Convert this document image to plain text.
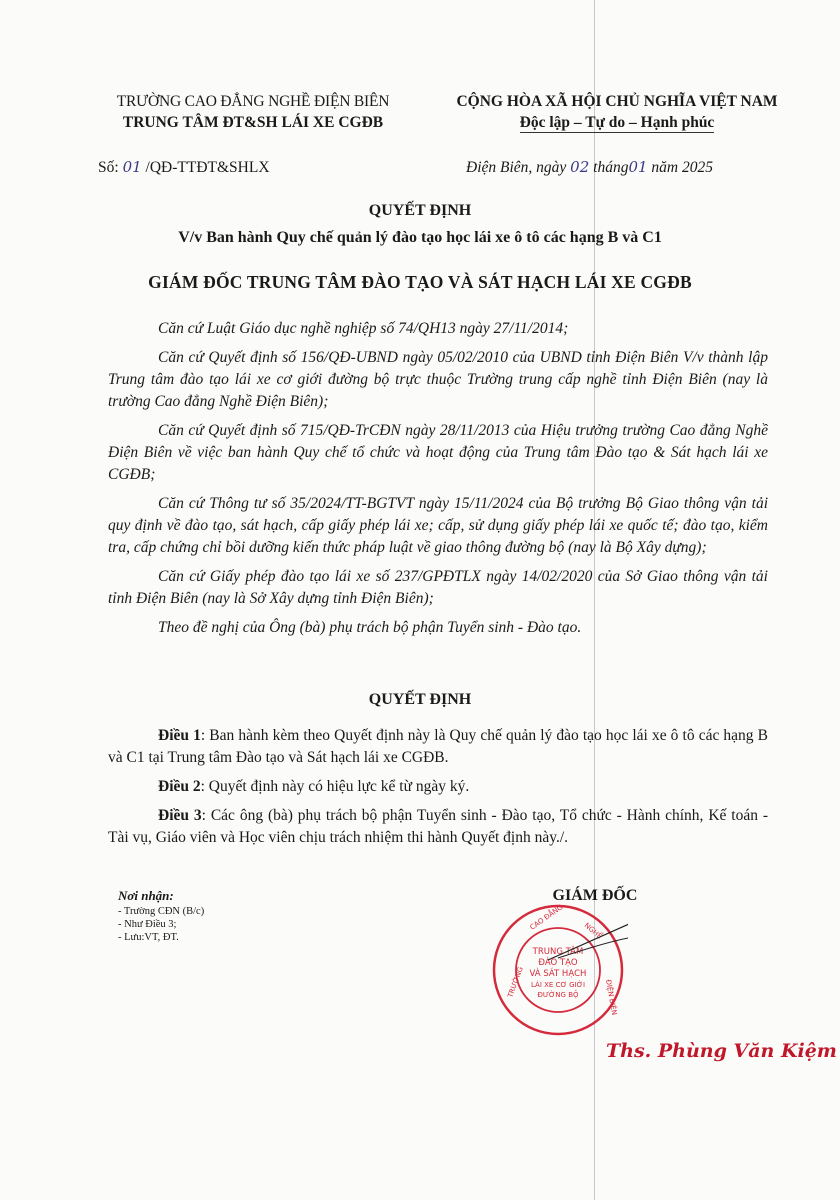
TRƯỜNG CAO ĐẲNG NGHỀ ĐIỆN BIÊN
TRUNG TÂM ĐT&SH LÁI XE CGĐB
CỘNG HÒA XÃ HỘI CHỦ NGHĨA VIỆT NAM
Độc lập – Tự do – Hạnh phúc
Số: 01 /QĐ-TTĐT&SHLX	Điện Biên, ngày 02 tháng01 năm 2025
QUYẾT ĐỊNH
V/v Ban hành Quy chế quản lý đào tạo học lái xe ô tô các hạng B và C1
GIÁM ĐỐC TRUNG TÂM ĐÀO TẠO VÀ SÁT HẠCH LÁI XE CGĐB

Căn cứ Luật Giáo dục nghề nghiệp số 74/QH13 ngày 27/11/2014;

Căn cứ Quyết định số 156/QĐ-UBND ngày 05/02/2010 của UBND tỉnh Điện Biên V/v thành lập Trung tâm đào tạo lái xe cơ giới đường bộ trực thuộc Trường trung cấp nghề tỉnh Điện Biên (nay là trường Cao đẳng Nghề Điện Biên);

Căn cứ Quyết định số 715/QĐ-TrCĐN ngày 28/11/2013 của Hiệu trưởng trường Cao đẳng Nghề Điện Biên về việc ban hành Quy chế tổ chức và hoạt động của Trung tâm Đào tạo & Sát hạch lái xe CGĐB;

Căn cứ Thông tư số 35/2024/TT-BGTVT ngày 15/11/2024 của Bộ trưởng Bộ Giao thông vận tải quy định về đào tạo, sát hạch, cấp giấy phép lái xe; cấp, sử dụng giấy phép lái xe quốc tế; đào tạo, kiểm tra, cấp chứng chỉ bồi dưỡng kiến thức pháp luật về giao thông đường bộ (nay là Bộ Xây dựng);

Căn cứ Giấy phép đào tạo lái xe số 237/GPĐTLX ngày 14/02/2020 của Sở Giao thông vận tải tỉnh Điện Biên (nay là Sở Xây dựng tỉnh Điện Biên);

Theo đề nghị của Ông (bà) phụ trách bộ phận Tuyển sinh - Đào tạo.

QUYẾT ĐỊNH

Điều 1: Ban hành kèm theo Quyết định này là Quy chế quản lý đào tạo học lái xe ô tô các hạng B và C1 tại Trung tâm Đào tạo và Sát hạch lái xe CGĐB.

Điều 2: Quyết định này có hiệu lực kể từ ngày ký.

Điều 3: Các ông (bà) phụ trách bộ phận Tuyển sinh - Đào tạo, Tổ chức - Hành chính, Kế toán - Tài vụ, Giáo viên và Học viên chịu trách nhiệm thi hành Quyết định này./.

Nơi nhận:
- Trường CĐN (B/c)
- Như Điều 3;
- Lưu:VT, ĐT.
GIÁM ĐỐC
TRUNG TÂM
ĐÀO TẠO
VÀ SÁT HẠCH
LÁI XE CƠ GIỚI
ĐƯỜNG BỘ
CAO ĐẲNG	NGHỀ
ĐIỆN BIÊN
TRƯỜNG
Ths. Phùng Văn Kiệm
